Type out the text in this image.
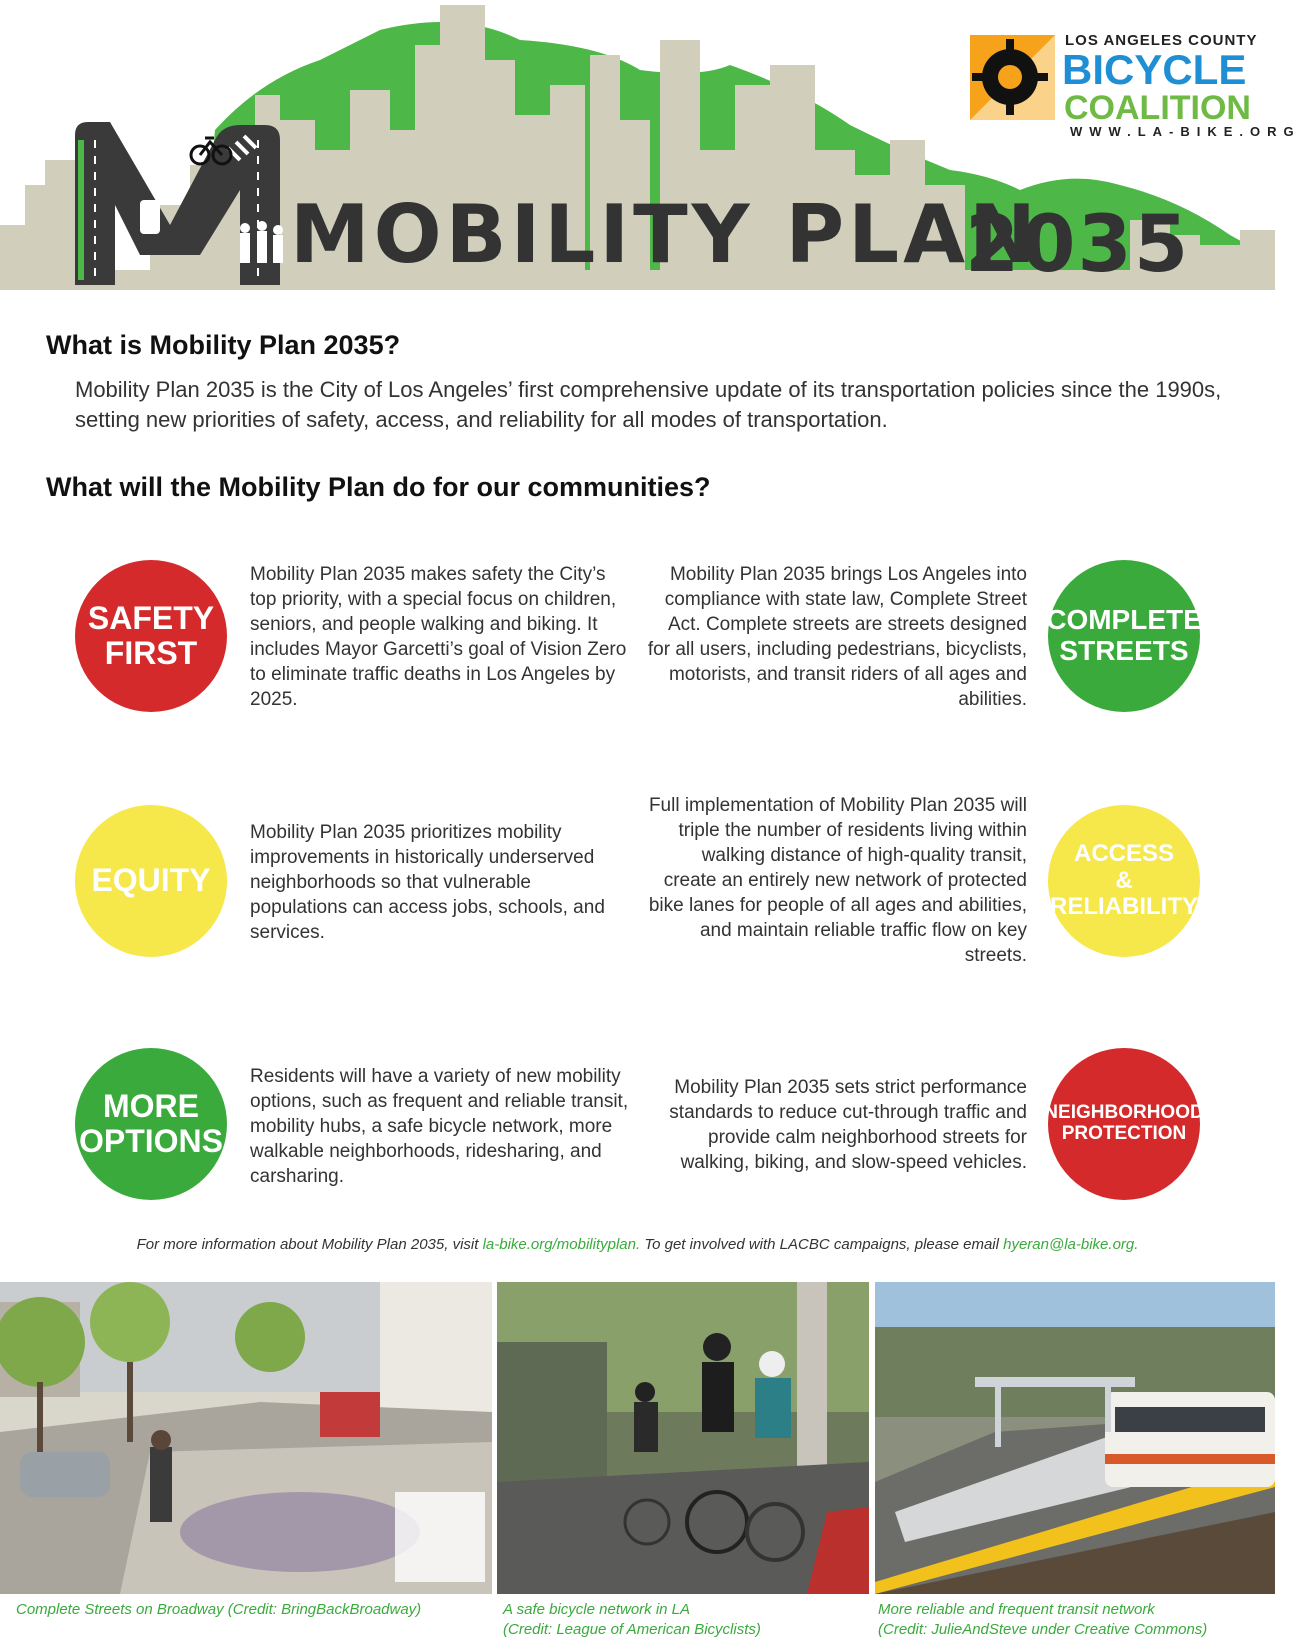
MOBILITY PLAN
2035
LOS ANGELES COUNTY
BICYCLE
COALITION
WWW.LA-BIKE.ORG
What is Mobility Plan 2035?
Mobility Plan 2035 is the City of Los Angeles’ first comprehensive update of its transportation policies since the 1990s, setting new priorities of safety, access, and reliability for all modes of transportation.
What will the Mobility Plan do for our communities?
SAFETY
FIRST
Mobility Plan 2035 makes safety the City’s top priority, with a special focus on children, seniors, and people walking and biking. It includes Mayor Garcetti’s goal of Vision Zero to eliminate traffic deaths in Los Angeles by 2025.
Mobility Plan 2035 brings Los Angeles into compliance with state law, Complete Street Act. Complete streets are streets designed for all users, including pedestrians, bicyclists, motorists, and transit riders of all ages and abilities.
COMPLETE
STREETS
EQUITY
Mobility Plan 2035 prioritizes mobility improvements in historically underserved neighborhoods so that vulnerable populations can access jobs, schools, and services.
Full implementation of Mobility Plan 2035 will triple the number of residents living within walking distance of high-quality transit, create an entirely new network of protected bike lanes for people of all ages and abilities, and maintain reliable traffic flow on key streets.
ACCESS
&
RELIABILITY
MORE
OPTIONS
Residents will have a variety of new mobility options, such as frequent and reliable transit, mobility hubs, a safe bicycle network, more walkable neighborhoods, ridesharing, and carsharing.
Mobility Plan 2035 sets strict performance standards to reduce cut-through traffic and provide calm neighborhood streets for walking, biking, and slow-speed vehicles.
NEIGHBORHOOD
PROTECTION
For more information about Mobility Plan 2035, visit la-bike.org/mobilityplan. To get involved with LACBC campaigns, please email hyeran@la-bike.org.
Complete Streets on Broadway (Credit: BringBackBroadway)	A safe bicycle network in LA
(Credit: League of American Bicyclists)
More reliable and frequent transit network
(Credit: JulieAndSteve under Creative Commons)
